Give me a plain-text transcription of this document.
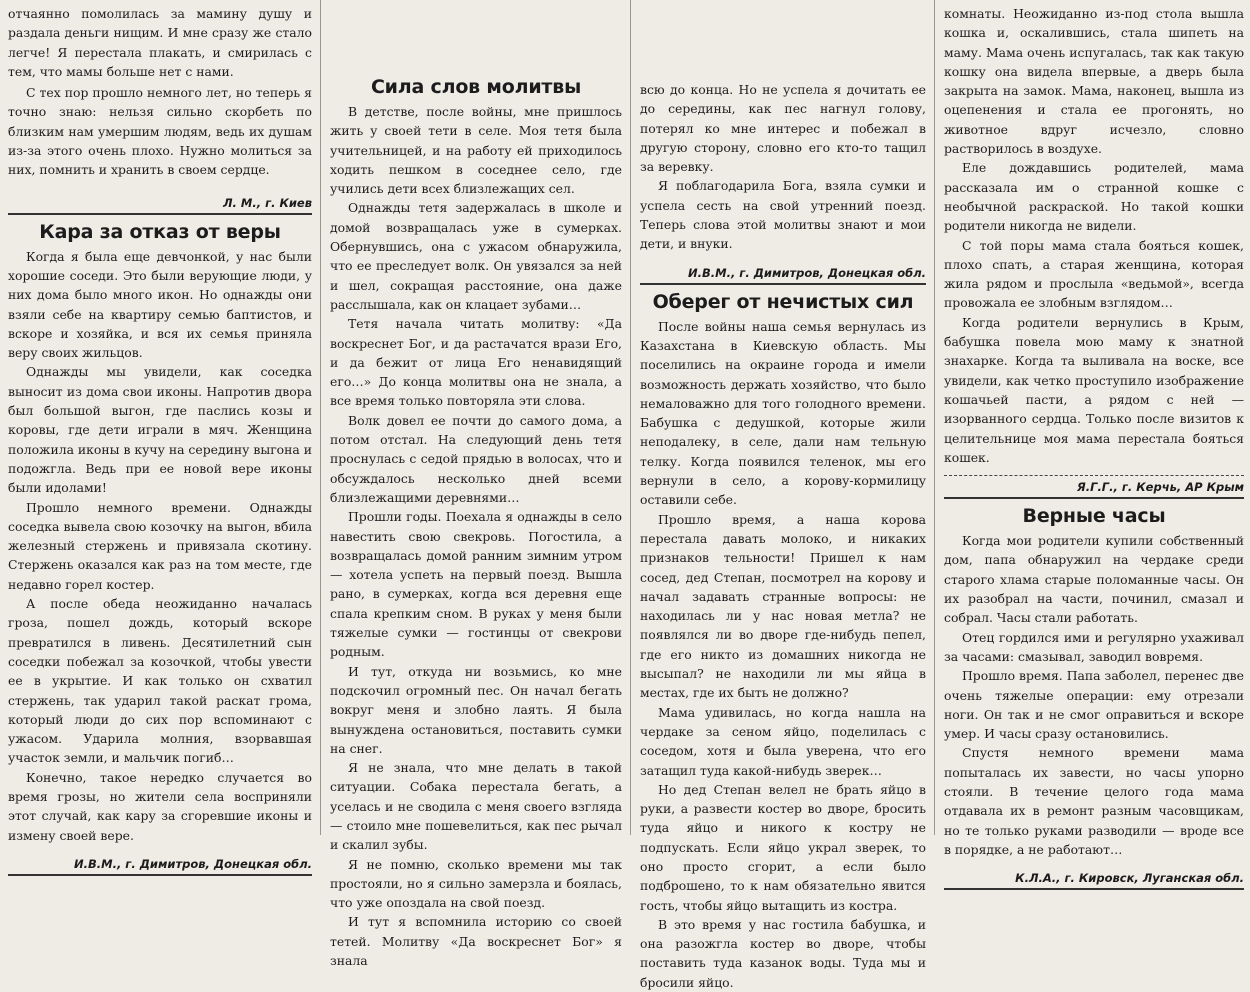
отчаянно помолилась за мамину душу и раздала деньги нищим. И мне сразу же стало легче! Я перестала плакать, и смирилась с тем, что мамы больше нет с нами.

С тех пор прошло немного лет, но теперь я точно знаю: нельзя сильно скорбеть по близким нам умершим людям, ведь их душам из-за этого очень плохо. Нужно молиться за них, помнить и хранить в своем сердце.

Л. М., г. Киев
Кара за отказ от веры

Когда я была еще девчонкой, у нас были хорошие соседи. Это были верующие люди, у них дома было много икон. Но однажды они взяли себе на квартиру семью баптистов, и вскоре и хозяйка, и вся их семья приняла веру своих жильцов.

Однажды мы увидели, как соседка выносит из дома свои иконы. Напротив двора был большой выгон, где паслись козы и коровы, где дети играли в мяч. Женщина положила иконы в кучу на середину выгона и подожгла. Ведь при ее новой вере иконы были идолами!

Прошло немного времени. Однажды соседка вывела свою козочку на выгон, вбила железный стержень и привязала скотину. Стержень оказался как раз на том месте, где недавно горел костер.

А после обеда неожиданно началась гроза, пошел дождь, который вскоре превратился в ливень. Десятилетний сын соседки побежал за козочкой, чтобы увести ее в укрытие. И как только он схватил стержень, так ударил такой раскат грома, который люди до сих пор вспоминают с ужасом. Ударила молния, взорвавшая участок земли, и мальчик погиб…

Конечно, такое нередко случается во время грозы, но жители села восприняли этот случай, как кару за сгоревшие иконы и измену своей вере.

И.В.М., г. Димитров, Донецкая обл.
Сила слов молитвы

В детстве, после войны, мне пришлось жить у своей тети в селе. Моя тетя была учительницей, и на работу ей приходилось ходить пешком в соседнее село, где учились дети всех близлежащих сел.

Однажды тетя задержалась в школе и домой возвращалась уже в сумерках. Обернувшись, она с ужасом обнаружила, что ее преследует волк. Он увязался за ней и шел, сокращая расстояние, она даже расслышала, как он клацает зубами…

Тетя начала читать молитву: «Да воскреснет Бог, и да растачатся врази Его, и да бежит от лица Его ненавидящий его…» До конца молитвы она не знала, а все время только повторяла эти слова.

Волк довел ее почти до самого дома, а потом отстал. На следующий день тетя проснулась с седой прядью в волосах, что и обсуждалось несколько дней всеми близлежащими деревнями…

Прошли годы. Поехала я однажды в село навестить свою свекровь. Погостила, а возвращалась домой ранним зимним утром — хотела успеть на первый поезд. Вышла рано, в сумерках, когда вся деревня еще спала крепким сном. В руках у меня были тяжелые сумки — гостинцы от свекрови родным.

И тут, откуда ни возьмись, ко мне подскочил огромный пес. Он начал бегать вокруг меня и злобно лаять. Я была вынуждена остановиться, поставить сумки на снег.

Я не знала, что мне делать в такой ситуации. Собака перестала бегать, а уселась и не сводила с меня своего взгляда — стоило мне пошевелиться, как пес рычал и скалил зубы.

Я не помню, сколько времени мы так простояли, но я сильно замерзла и боялась, что уже опоздала на свой поезд.

И тут я вспомнила историю со своей тетей. Молитву «Да воскреснет Бог» я знала

всю до конца. Но не успела я дочитать ее до середины, как пес нагнул голову, потерял ко мне интерес и побежал в другую сторону, словно его кто-то тащил за веревку.

Я поблагодарила Бога, взяла сумки и успела сесть на свой утренний поезд. Теперь слова этой молитвы знают и мои дети, и внуки.

И.В.М., г. Димитров, Донецкая обл.
Оберег от нечистых сил

После войны наша семья вернулась из Казахстана в Киевскую область. Мы поселились на окраине города и имели возможность держать хозяйство, что было немаловажно для того голодного времени. Бабушка с дедушкой, которые жили неподалеку, в селе, дали нам тельную телку. Когда появился теленок, мы его вернули в село, а корову-кормилицу оставили себе.

Прошло время, а наша корова перестала давать молоко, и никаких признаков тельности! Пришел к нам сосед, дед Степан, посмотрел на корову и начал задавать странные вопросы: не находилась ли у нас новая метла? не появлялся ли во дворе где-нибудь пепел, где его никто из домашних никогда не высыпал? не находили ли мы яйца в местах, где их быть не должно?

Мама удивилась, но когда нашла на чердаке за сеном яйцо, поделилась с соседом, хотя и была уверена, что его затащил туда какой-нибудь зверек…

Но дед Степан велел не брать яйцо в руки, а развести костер во дворе, бросить туда яйцо и никого к костру не подпускать. Если яйцо украл зверек, то оно просто сгорит, а если было подброшено, то к нам обязательно явится гость, чтобы яйцо вытащить из костра.

В это время у нас гостила бабушка, и она разожгла костер во дворе, чтобы поставить туда казанок воды. Туда мы и бросили яйцо.

комнаты. Неожиданно из-под стола вышла кошка и, оскалившись, стала шипеть на маму. Мама очень испугалась, так как такую кошку она видела впервые, а дверь была закрыта на замок. Мама, наконец, вышла из оцепенения и стала ее прогонять, но животное вдруг исчезло, словно растворилось в воздухе.

Еле дождавшись родителей, мама рассказала им о странной кошке с необычной раскраской. Но такой кошки родители никогда не видели.

С той поры мама стала бояться кошек, плохо спать, а старая женщина, которая жила рядом и прослыла «ведьмой», всегда провожала ее злобным взглядом…

Когда родители вернулись в Крым, бабушка повела мою маму к знатной знахарке. Когда та выливала на воске, все увидели, как четко проступило изображение кошачьей пасти, а рядом с ней — изорванного сердца. Только после визитов к целительнице моя мама перестала бояться кошек.

Я.Г.Г., г. Керчь, АР Крым
Верные часы

Когда мои родители купили собственный дом, папа обнаружил на чердаке среди старого хлама старые поломанные часы. Он их разобрал на части, починил, смазал и собрал. Часы стали работать.

Отец гордился ими и регулярно ухаживал за часами: смазывал, заводил вовремя.

Прошло время. Папа заболел, перенес две очень тяжелые операции: ему отрезали ноги. Он так и не смог оправиться и вскоре умер. И часы сразу остановились.

Спустя немного времени мама попыталась их завести, но часы упорно стояли. В течение целого года мама отдавала их в ремонт разным часовщикам, но те только руками разводили — вроде все в порядке, а не работают…

К.Л.А., г. Кировск, Луганская обл.
